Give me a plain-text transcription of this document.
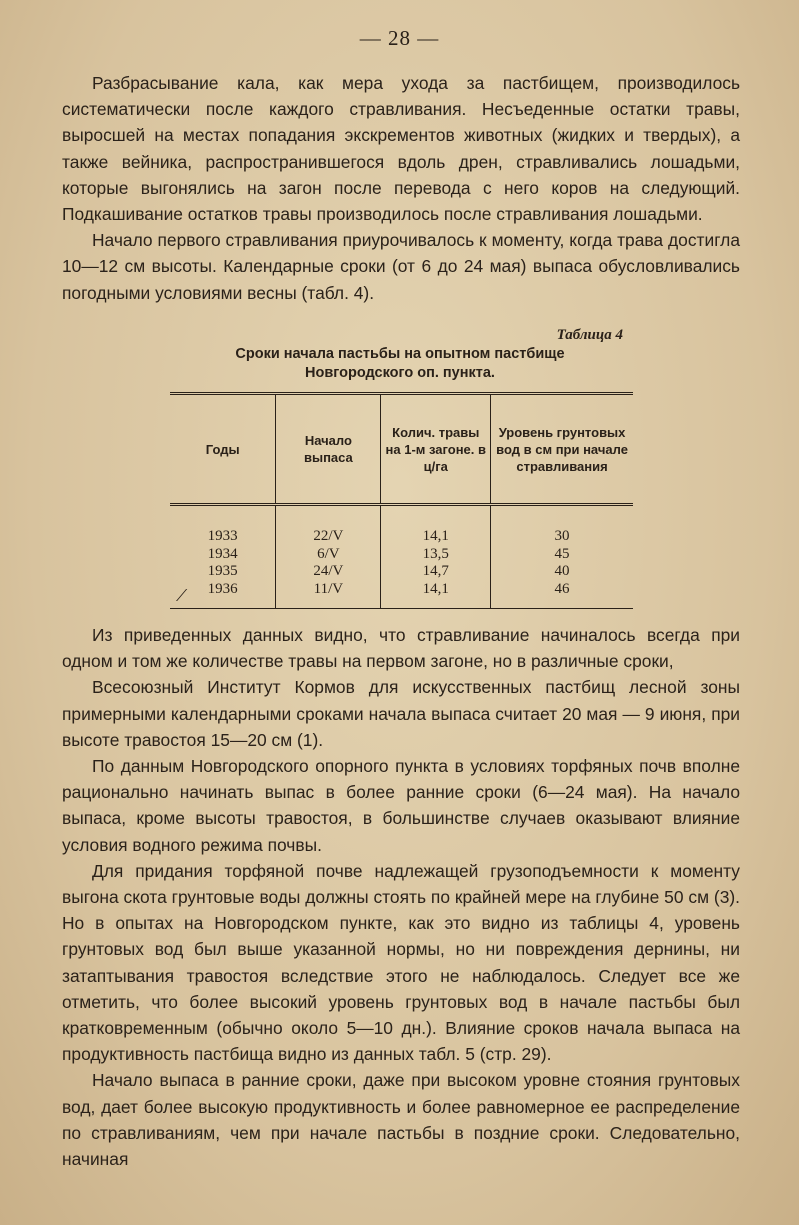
— 28 —

Разбрасывание кала, как мера ухода за пастбищем, производилось систематически после каждого стравливания. Несъеденные остатки травы, выросшей на местах попадания экскрементов животных (жидких и твердых), а также вейника, распространившегося вдоль дрен, стравливались лошадьми, которые выгонялись на загон после перевода с него коров на следующий. Подкашивание остатков травы производилось после стравливания лошадьми.

Начало первого стравливания приурочивалось к моменту, когда трава достигла 10—12 см высоты. Календарные сроки (от 6 до 24 мая) выпаса обусловливались погодными условиями весны (табл. 4).

Таблица 4
Сроки начала пастьбы на опытном пастбище
Новгородского оп. пункта.
Годы	Начало выпаса	Колич. травы на 1-м загоне. в ц/га	Уровень грунтовых вод в см при начале стравливания
1933	22/V	14,1	30
1934	6/V	13,5	45
1935	24/V	14,7	40
1936	11/V	14,1	46
⟋

Из приведенных данных видно, что стравливание начиналось всегда при одном и том же количестве травы на первом загоне, но в различные сроки,

Всесоюзный Институт Кормов для искусственных пастбищ лесной зоны примерными календарными сроками начала выпаса считает 20 мая — 9 июня, при высоте травостоя 15—20 см (1).

По данным Новгородского опорного пункта в условиях торфяных почв вполне рационально начинать выпас в более ранние сроки (6—24 мая). На начало выпаса, кроме высоты травостоя, в большинстве случаев оказывают влияние условия водного режима почвы.

Для придания торфяной почве надлежащей грузоподъемности к моменту выгона скота грунтовые воды должны стоять по крайней мере на глубине 50 см (3). Но в опытах на Новгородском пункте, как это видно из таблицы 4, уровень грунтовых вод был выше указанной нормы, но ни повреждения дернины, ни затаптывания травостоя вследствие этого не наблюдалось. Следует все же отметить, что более высокий уровень грунтовых вод в начале пастьбы был кратковременным (обычно около 5—10 дн.). Влияние сроков начала выпаса на продуктивность пастбища видно из данных табл. 5 (стр. 29).

Начало выпаса в ранние сроки, даже при высоком уровне стояния грунтовых вод, дает более высокую продуктивность и более равномерное ее распределение по стравливаниям, чем при начале пастьбы в поздние сроки. Следовательно, начиная
